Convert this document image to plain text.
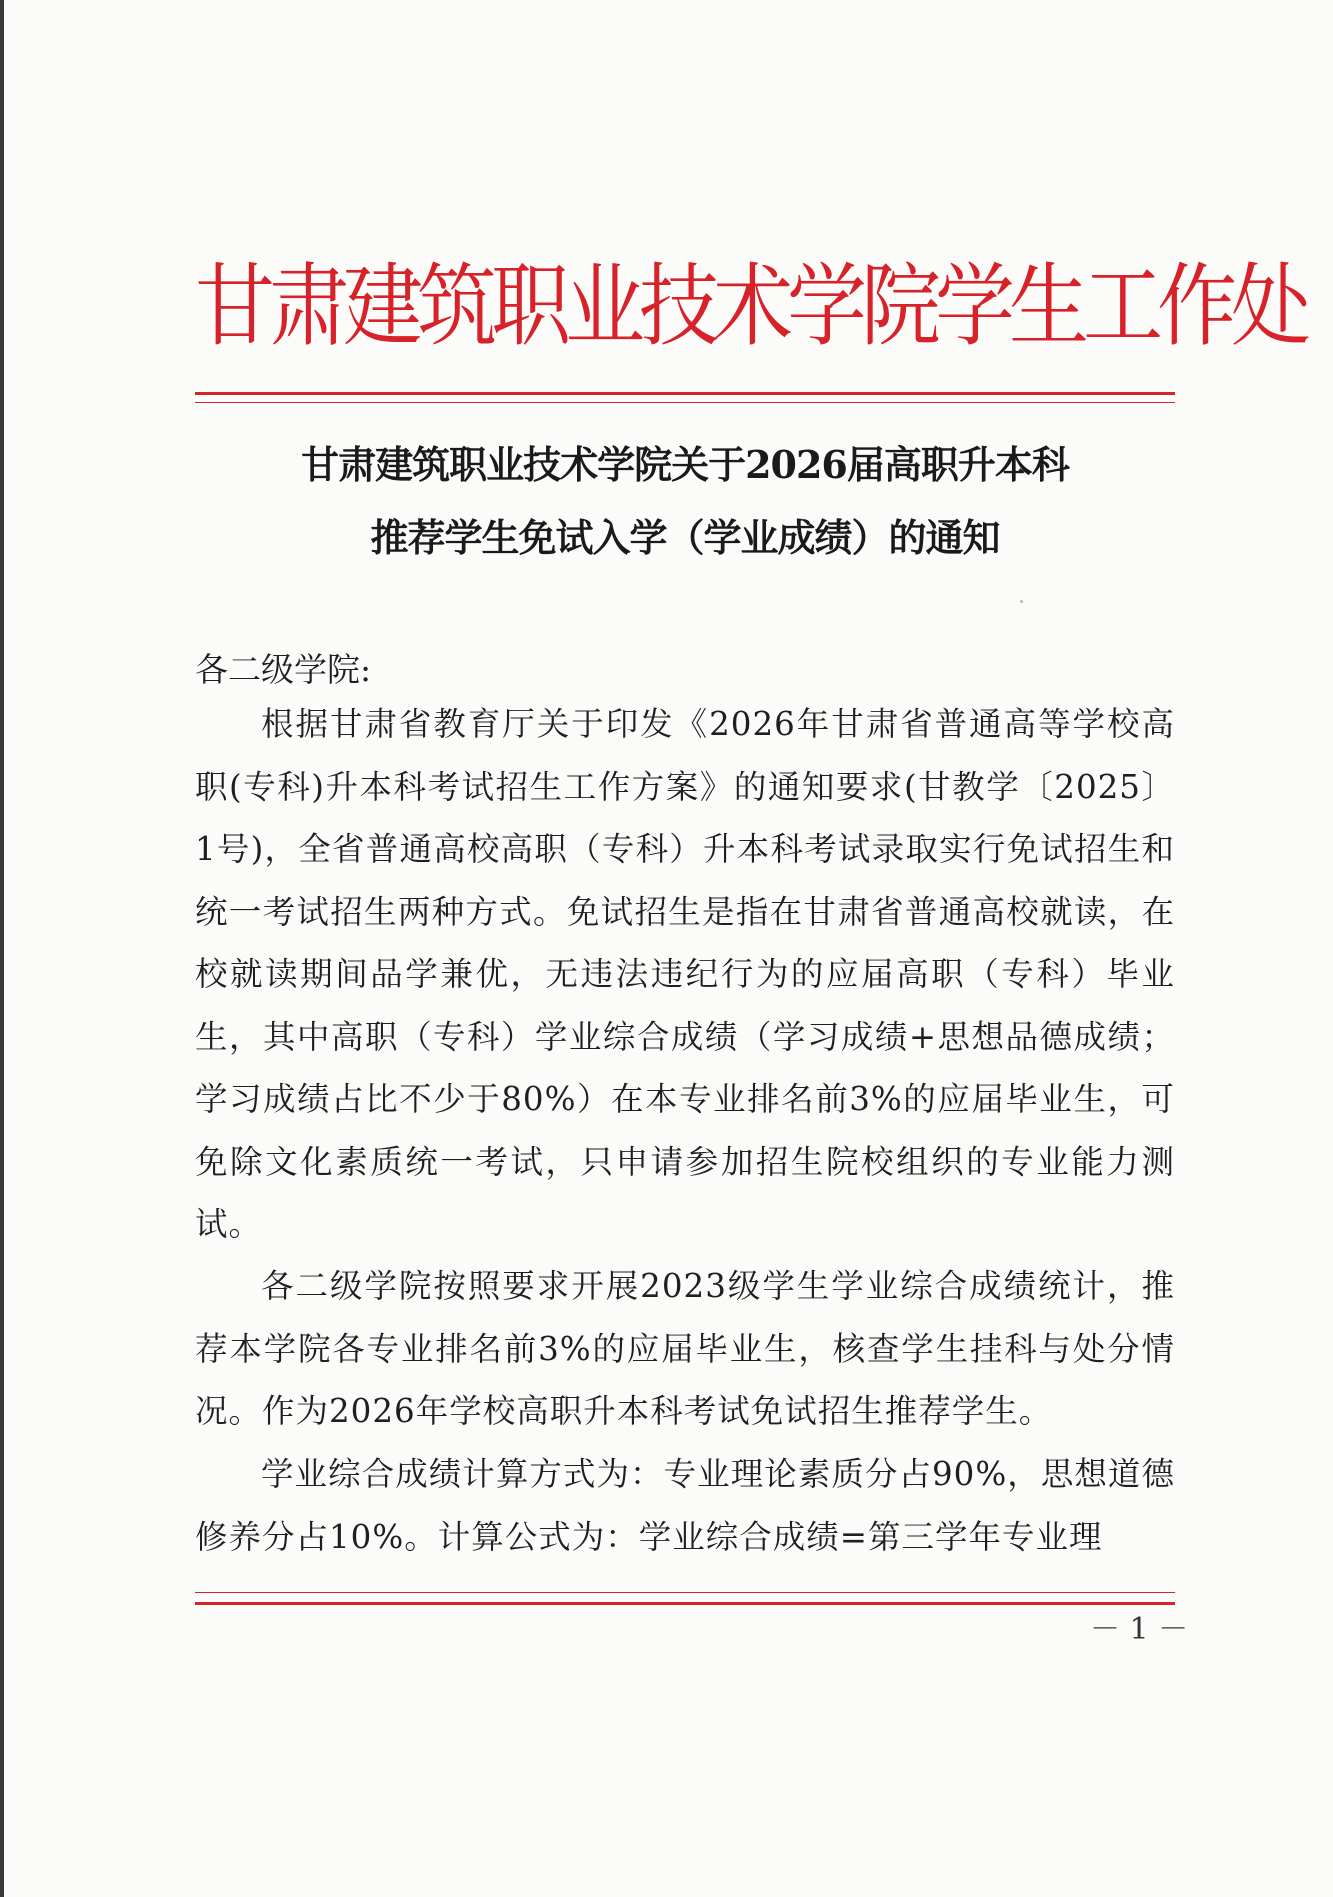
甘肃建筑职业技术学院学生工作处
甘肃建筑职业技术学院关于2026届高职升本科
推荐学生免试入学（学业成绩）的通知
各二级学院:

根据甘肃省教育厅关于印发《2026年甘肃省普通高等学校高职(专科)升本科考试招生工作方案》的通知要求(甘教学〔2025〕1号)，全省普通高校高职（专科）升本科考试录取实行免试招生和统一考试招生两种方式。免试招生是指在甘肃省普通高校就读，在校就读期间品学兼优，无违法违纪行为的应届高职（专科）毕业生，其中高职（专科）学业综合成绩（学习成绩+思想品德成绩；学习成绩占比不少于80%）在本专业排名前3%的应届毕业生，可免除文化素质统一考试，只申请参加招生院校组织的专业能力测试。

各二级学院按照要求开展2023级学生学业综合成绩统计，推荐本学院各专业排名前3%的应届毕业生，核查学生挂科与处分情况。作为2026年学校高职升本科考试免试招生推荐学生。

学业综合成绩计算方式为：专业理论素质分占90%，思想道德修养分占10%。计算公式为：学业综合成绩=第三学年专业理

－ 1 －
